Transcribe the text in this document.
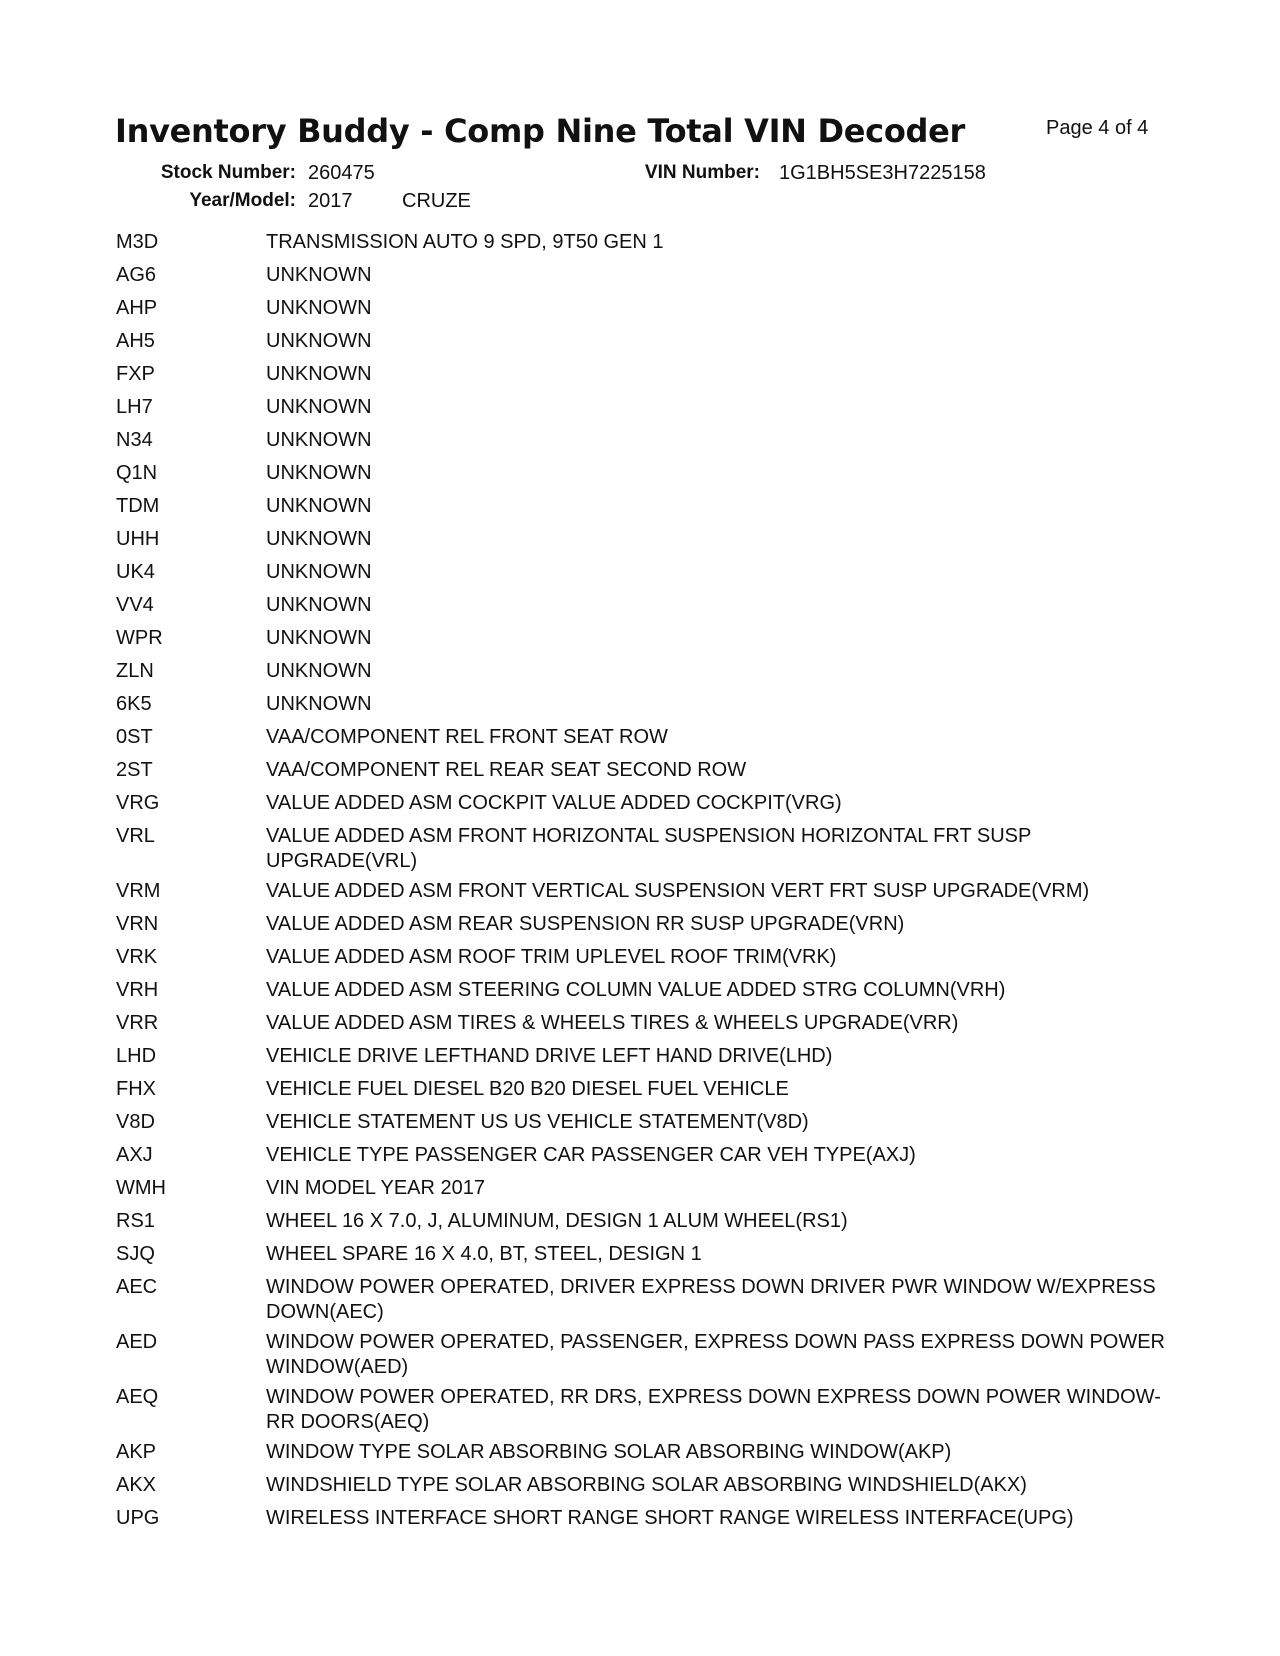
Inventory Buddy - Comp Nine Total VIN Decoder	Page 4 of 4
Stock Number: 260475	VIN Number: 1G1BH5SE3H7225158
Year/Model: 2017 CRUZE
M3D	TRANSMISSION AUTO 9 SPD, 9T50 GEN 1
AG6	UNKNOWN
AHP	UNKNOWN
AH5	UNKNOWN
FXP	UNKNOWN
LH7	UNKNOWN
N34	UNKNOWN
Q1N	UNKNOWN
TDM	UNKNOWN
UHH	UNKNOWN
UK4	UNKNOWN
VV4	UNKNOWN
WPR	UNKNOWN
ZLN	UNKNOWN
6K5	UNKNOWN
0ST	VAA/COMPONENT REL FRONT SEAT ROW
2ST	VAA/COMPONENT REL REAR SEAT SECOND ROW
VRG	VALUE ADDED ASM COCKPIT VALUE ADDED COCKPIT(VRG)
VRL	VALUE ADDED ASM FRONT HORIZONTAL SUSPENSION HORIZONTAL FRT SUSP UPGRADE(VRL)
VRM	VALUE ADDED ASM FRONT VERTICAL SUSPENSION VERT FRT SUSP UPGRADE(VRM)
VRN	VALUE ADDED ASM REAR SUSPENSION RR SUSP UPGRADE(VRN)
VRK	VALUE ADDED ASM ROOF TRIM UPLEVEL ROOF TRIM(VRK)
VRH	VALUE ADDED ASM STEERING COLUMN VALUE ADDED STRG COLUMN(VRH)
VRR	VALUE ADDED ASM TIRES & WHEELS TIRES & WHEELS UPGRADE(VRR)
LHD	VEHICLE DRIVE LEFTHAND DRIVE LEFT HAND DRIVE(LHD)
FHX	VEHICLE FUEL DIESEL B20 B20 DIESEL FUEL VEHICLE
V8D	VEHICLE STATEMENT US US VEHICLE STATEMENT(V8D)
AXJ	VEHICLE TYPE PASSENGER CAR PASSENGER CAR VEH TYPE(AXJ)
WMH	VIN MODEL YEAR 2017
RS1	WHEEL 16 X 7.0, J, ALUMINUM, DESIGN 1 ALUM WHEEL(RS1)
SJQ	WHEEL SPARE 16 X 4.0, BT, STEEL, DESIGN 1
AEC	WINDOW POWER OPERATED, DRIVER EXPRESS DOWN DRIVER PWR WINDOW W/EXPRESS DOWN(AEC)
AED	WINDOW POWER OPERATED, PASSENGER, EXPRESS DOWN PASS EXPRESS DOWN POWER WINDOW(AED)
AEQ	WINDOW POWER OPERATED, RR DRS, EXPRESS DOWN EXPRESS DOWN POWER WINDOW-RR DOORS(AEQ)
AKP	WINDOW TYPE SOLAR ABSORBING SOLAR ABSORBING WINDOW(AKP)
AKX	WINDSHIELD TYPE SOLAR ABSORBING SOLAR ABSORBING WINDSHIELD(AKX)
UPG	WIRELESS INTERFACE SHORT RANGE SHORT RANGE WIRELESS INTERFACE(UPG)
